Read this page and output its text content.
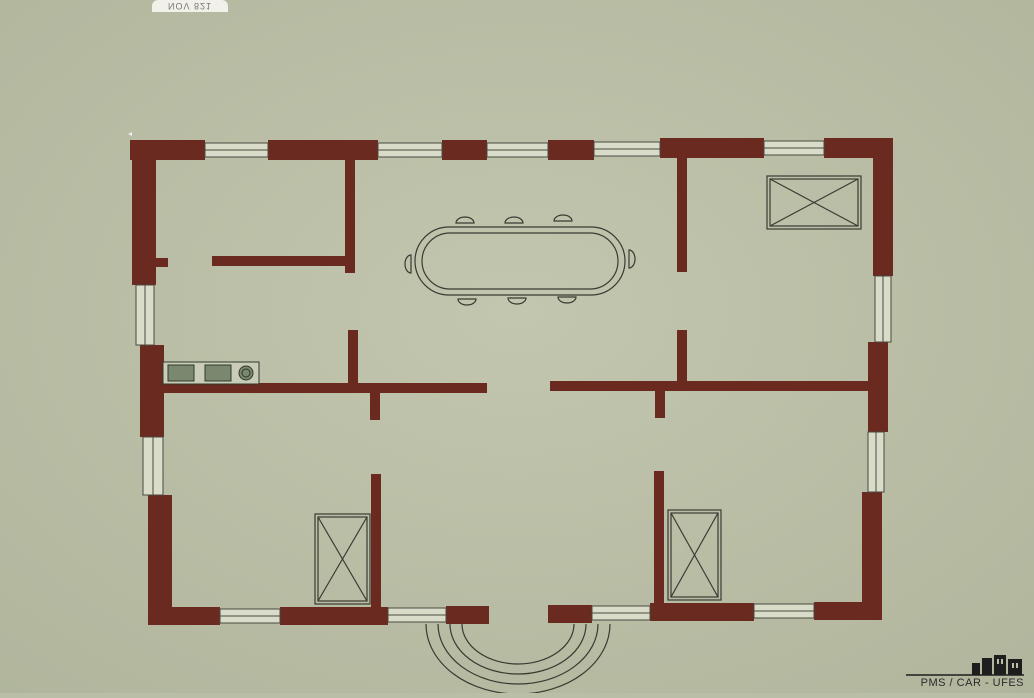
NOV 821
PMS / CAR - UFES
